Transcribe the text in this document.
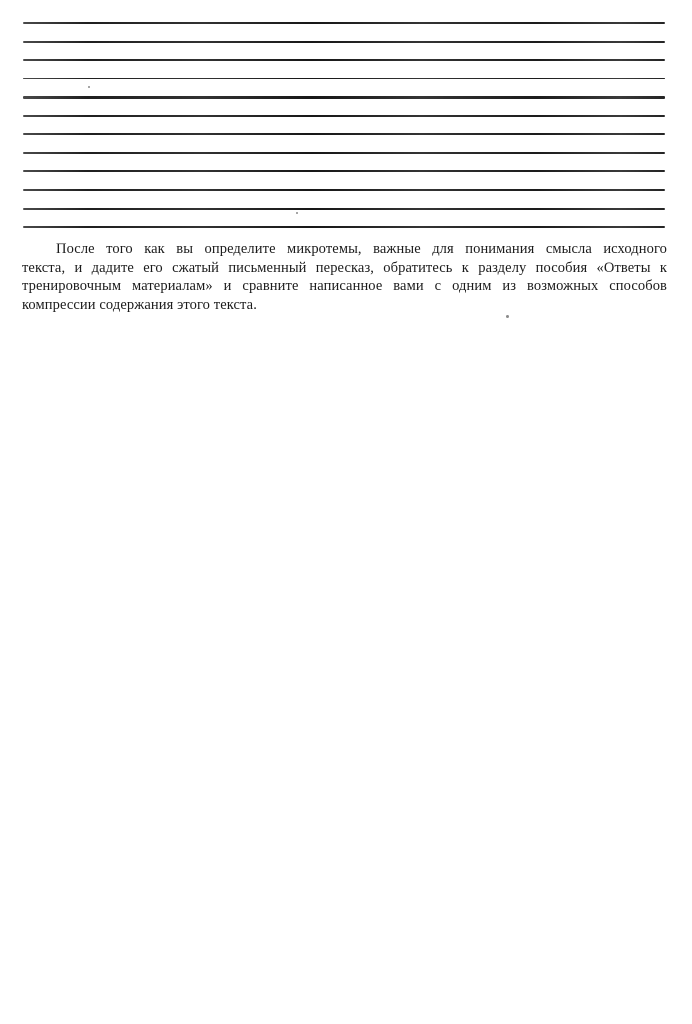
После того как вы определите микротемы, важные для понимания смысла исходного
текста, и дадите его сжатый письменный пересказ, обратитесь к разделу пособия «Ответы к
тренировочным материалам» и сравните написанное вами с одним из возможных способов
компрессии содержания этого текста.
